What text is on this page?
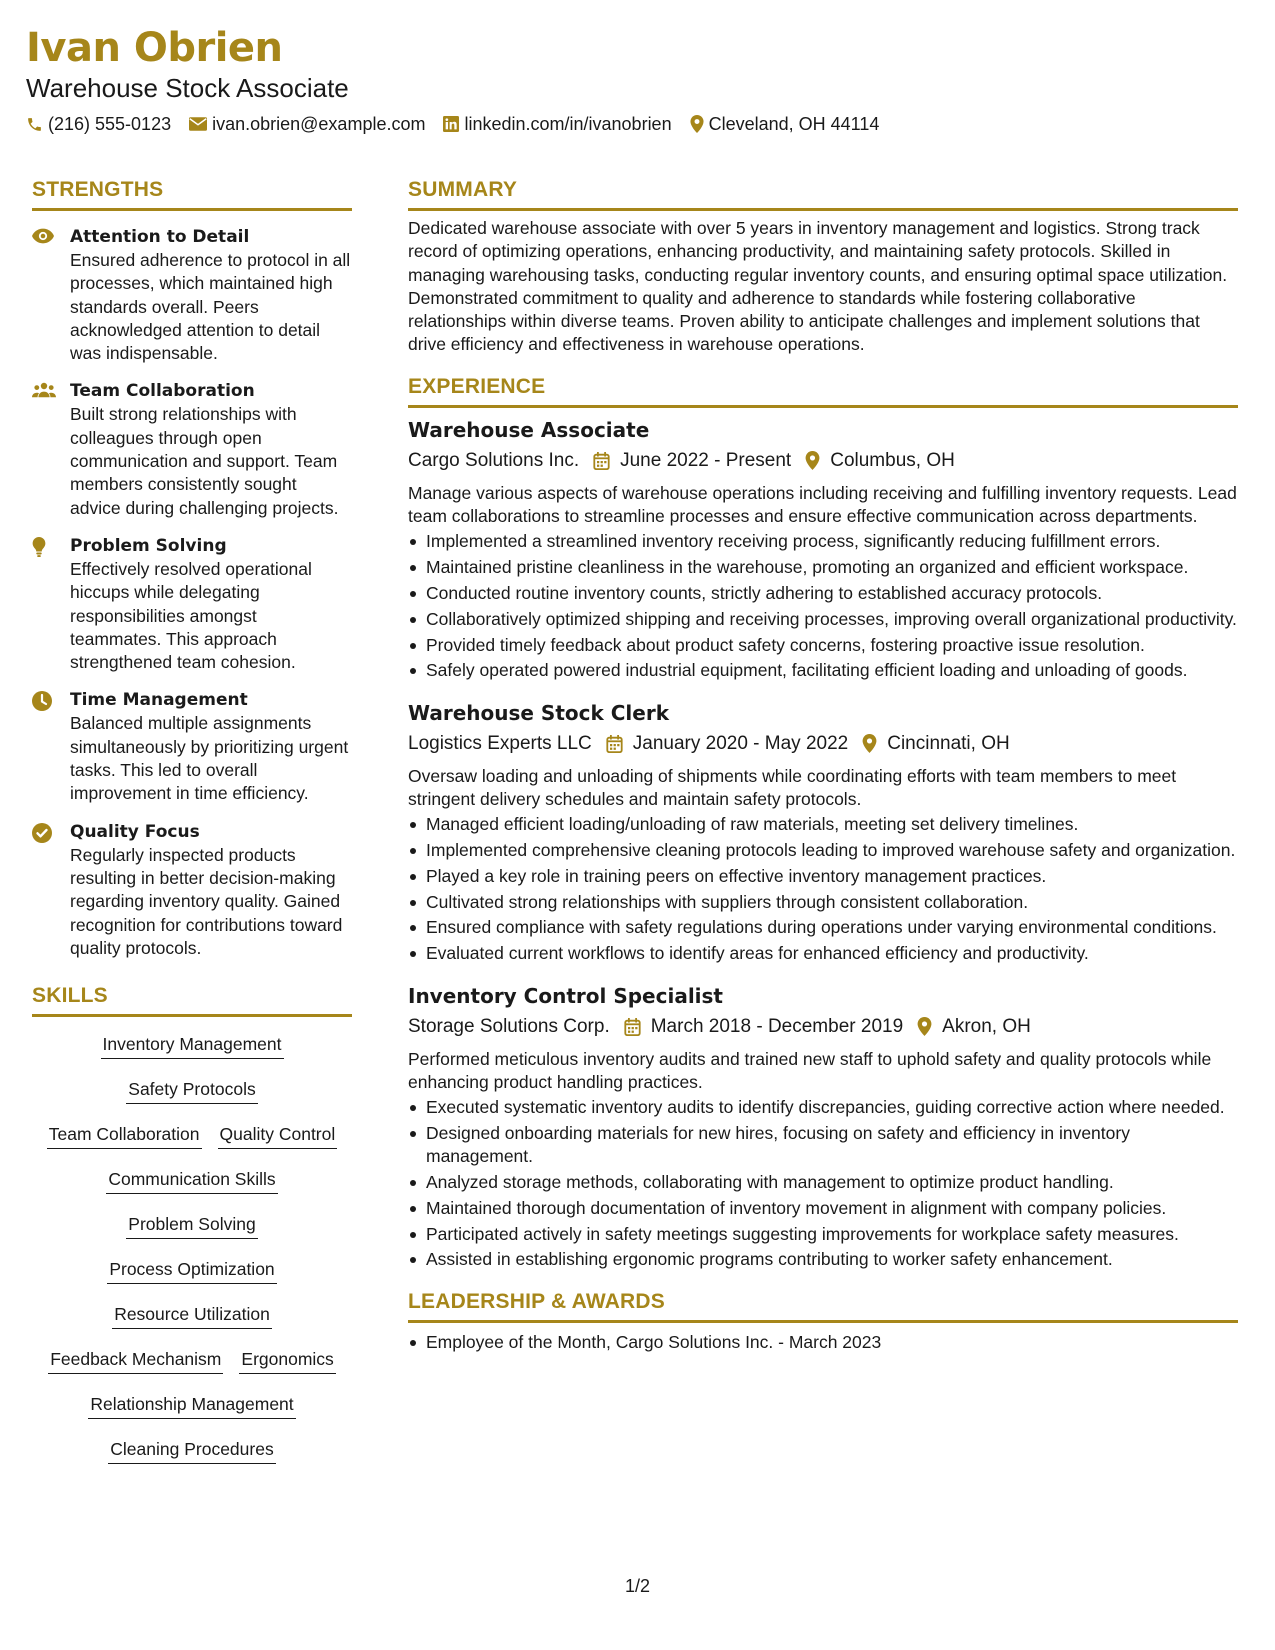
Ivan Obrien
Warehouse Stock Associate
(216) 555-0123 ivan.obrien@example.com linkedin.com/in/ivanobrien Cleveland, OH 44114
STRENGTHS
Attention to Detail
Ensured adherence to protocol in all processes, which maintained high standards overall. Peers acknowledged attention to detail was indispensable.
Team Collaboration
Built strong relationships with colleagues through open communication and support. Team members consistently sought advice during challenging projects.
Problem Solving
Effectively resolved operational hiccups while delegating responsibilities amongst teammates. This approach strengthened team cohesion.
Time Management
Balanced multiple assignments simultaneously by prioritizing urgent tasks. This led to overall improvement in time efficiency.
Quality Focus
Regularly inspected products resulting in better decision-making regarding inventory quality. Gained recognition for contributions toward quality protocols.
SKILLS
Inventory Management
Safety Protocols
Team Collaboration Quality Control
Communication Skills
Problem Solving
Process Optimization
Resource Utilization
Feedback Mechanism Ergonomics
Relationship Management
Cleaning Procedures
SUMMARY
Dedicated warehouse associate with over 5 years in inventory management and logistics. Strong track record of optimizing operations, enhancing productivity, and maintaining safety protocols. Skilled in managing warehousing tasks, conducting regular inventory counts, and ensuring optimal space utilization. Demonstrated commitment to quality and adherence to standards while fostering collaborative relationships within diverse teams. Proven ability to anticipate challenges and implement solutions that drive efficiency and effectiveness in warehouse operations.
EXPERIENCE
Warehouse Associate
Cargo Solutions Inc. June 2022 - Present Columbus, OH
Manage various aspects of warehouse operations including receiving and fulfilling inventory requests. Lead team collaborations to streamline processes and ensure effective communication across departments.
Implemented a streamlined inventory receiving process, significantly reducing fulfillment errors.
Maintained pristine cleanliness in the warehouse, promoting an organized and efficient workspace.
Conducted routine inventory counts, strictly adhering to established accuracy protocols.
Collaboratively optimized shipping and receiving processes, improving overall organizational productivity.
Provided timely feedback about product safety concerns, fostering proactive issue resolution.
Safely operated powered industrial equipment, facilitating efficient loading and unloading of goods.
Warehouse Stock Clerk
Logistics Experts LLC January 2020 - May 2022 Cincinnati, OH
Oversaw loading and unloading of shipments while coordinating efforts with team members to meet stringent delivery schedules and maintain safety protocols.
Managed efficient loading/unloading of raw materials, meeting set delivery timelines.
Implemented comprehensive cleaning protocols leading to improved warehouse safety and organization.
Played a key role in training peers on effective inventory management practices.
Cultivated strong relationships with suppliers through consistent collaboration.
Ensured compliance with safety regulations during operations under varying environmental conditions.
Evaluated current workflows to identify areas for enhanced efficiency and productivity.
Inventory Control Specialist
Storage Solutions Corp. March 2018 - December 2019 Akron, OH
Performed meticulous inventory audits and trained new staff to uphold safety and quality protocols while enhancing product handling practices.
Executed systematic inventory audits to identify discrepancies, guiding corrective action where needed.
Designed onboarding materials for new hires, focusing on safety and efficiency in inventory management.
Analyzed storage methods, collaborating with management to optimize product handling.
Maintained thorough documentation of inventory movement in alignment with company policies.
Participated actively in safety meetings suggesting improvements for workplace safety measures.
Assisted in establishing ergonomic programs contributing to worker safety enhancement.
LEADERSHIP & AWARDS
Employee of the Month, Cargo Solutions Inc. - March 2023
1/2
